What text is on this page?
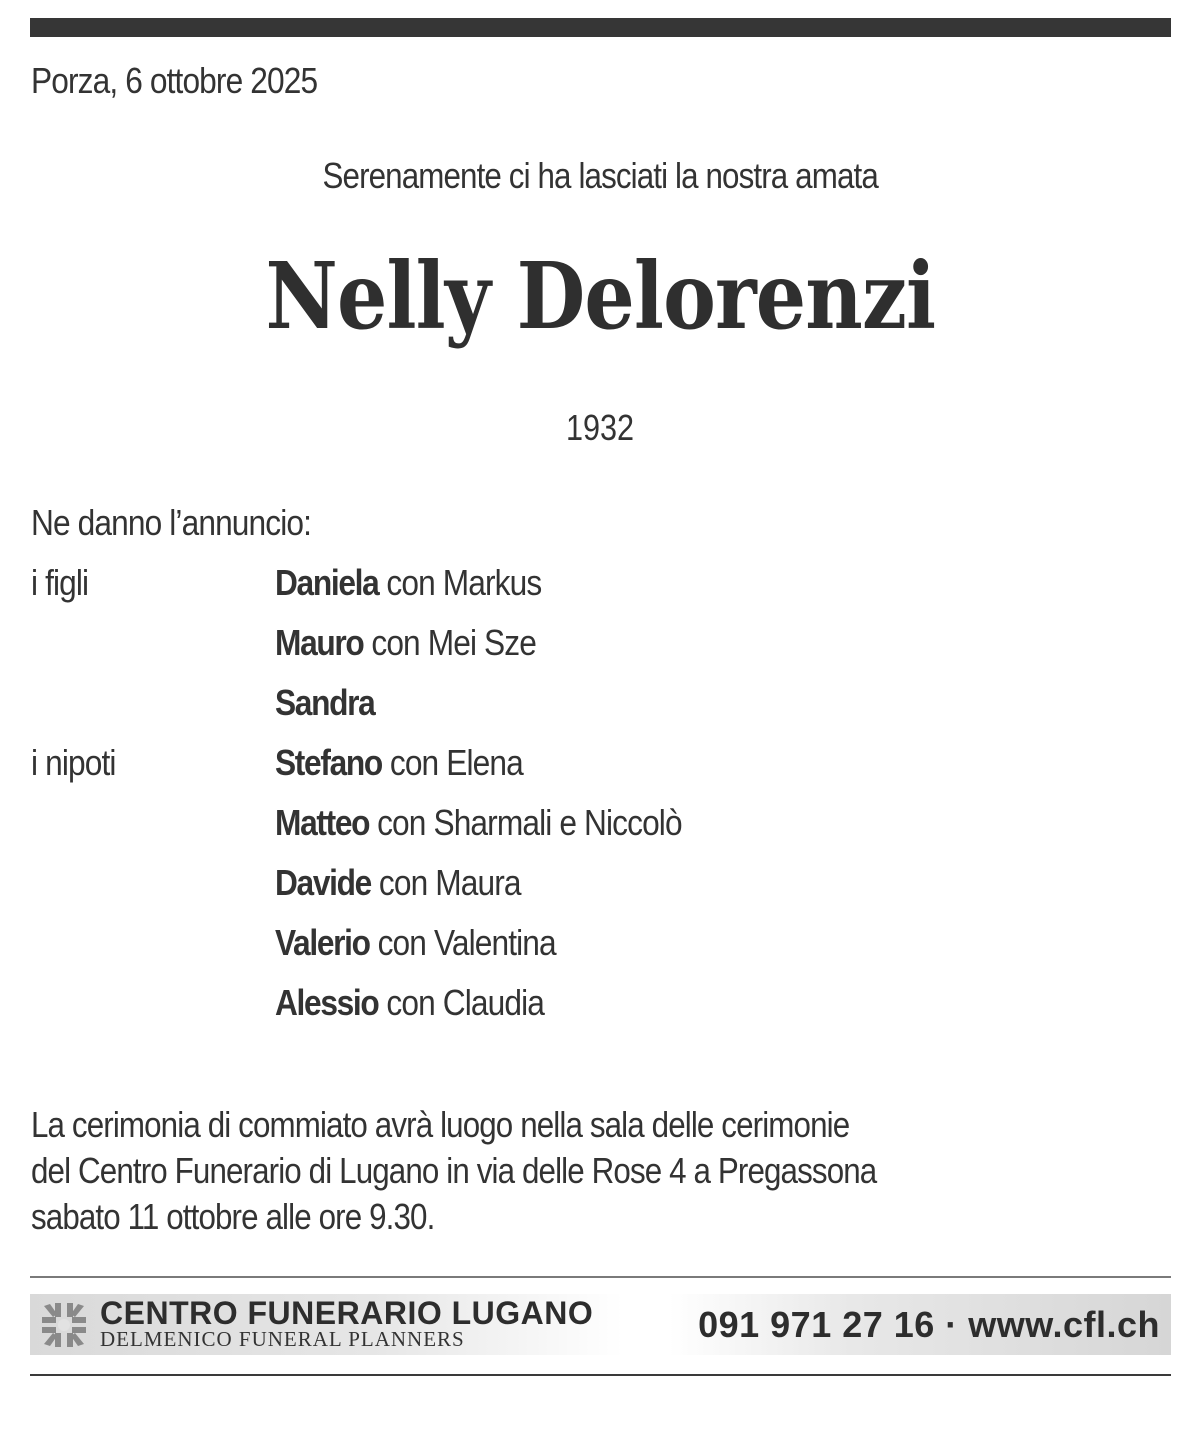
Porza, 6 ottobre 2025
Serenamente ci ha lasciati la nostra amata
Nelly Delorenzi
1932
Ne danno l’annuncio:
i figli	Daniela con Markus
Mauro con Mei Sze
Sandra
i nipoti	Stefano con Elena
Matteo con Sharmali e Niccolò
Davide con Maura
Valerio con Valentina
Alessio con Claudia
La cerimonia di commiato avrà luogo nella sala delle cerimonie
del Centro Funerario di Lugano in via delle Rose 4 a Pregassona
sabato 11 ottobre alle ore 9.30.
CENTRO FUNERARIO LUGANO
DELMENICO FUNERAL PLANNERS	091 971 27 16 · www.cfl.ch
